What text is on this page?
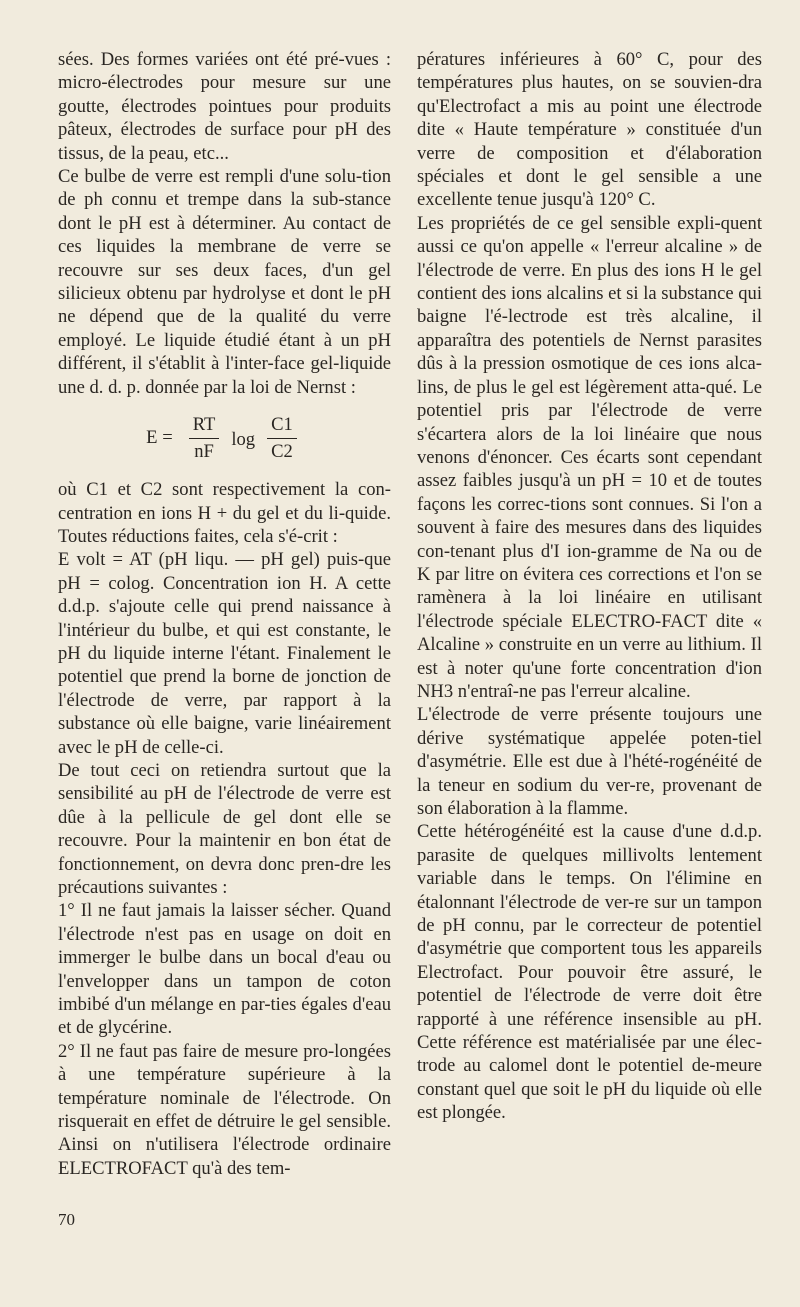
sées. Des formes variées ont été pré-vues : micro-électrodes pour mesure sur une goutte, électrodes pointues pour produits pâteux, électrodes de surface pour pH des tissus, de la peau, etc...

Ce bulbe de verre est rempli d'une solu-tion de ph connu et trempe dans la sub-stance dont le pH est à déterminer. Au contact de ces liquides la membrane de verre se recouvre sur ses deux faces, d'un gel silicieux obtenu par hydrolyse et dont le pH ne dépend que de la qualité du verre employé. Le liquide étudié étant à un pH différent, il s'établit à l'inter-face gel-liquide une d. d. p. donnée par la loi de Nernst :

$E = \frac{RT}{nF}$ $\log \frac{C1}{C2}$

où C1 et C2 sont respectivement la con-centration en ions H + du gel et du li-quide. Toutes réductions faites, cela s'é-crit :

E volt = AT (pH liqu. — pH gel) puis-que pH = colog. Concentration ion H. A cette d.d.p. s'ajoute celle qui prend naissance à l'intérieur du bulbe, et qui est constante, le pH du liquide interne l'étant. Finalement le potentiel que prend la borne de jonction de l'électrode de verre, par rapport à la substance où elle baigne, varie linéairement avec le pH de celle-ci.

De tout ceci on retiendra surtout que la sensibilité au pH de l'électrode de verre est dûe à la pellicule de gel dont elle se recouvre. Pour la maintenir en bon état de fonctionnement, on devra donc pren-dre les précautions suivantes :

1° Il ne faut jamais la laisser sécher. Quand l'électrode n'est pas en usage on doit en immerger le bulbe dans un bocal d'eau ou l'envelopper dans un tampon de coton imbibé d'un mélange en par-ties égales d'eau et de glycérine.

2° Il ne faut pas faire de mesure pro-longées à une température supérieure à la température nominale de l'électrode. On risquerait en effet de détruire le gel sensible. Ainsi on n'utilisera l'électrode ordinaire ELECTROFACT qu'à des tem-

pératures inférieures à 60° C, pour des températures plus hautes, on se souvien-dra qu'Electrofact a mis au point une électrode dite « Haute température » constituée d'un verre de composition et d'élaboration spéciales et dont le gel sensible a une excellente tenue jusqu'à 120° C.

Les propriétés de ce gel sensible expli-quent aussi ce qu'on appelle « l'erreur alcaline » de l'électrode de verre. En plus des ions H le gel contient des ions alcalins et si la substance qui baigne l'é-lectrode est très alcaline, il apparaîtra des potentiels de Nernst parasites dûs à la pression osmotique de ces ions alca-lins, de plus le gel est légèrement atta-qué. Le potentiel pris par l'électrode de verre s'écartera alors de la loi linéaire que nous venons d'énoncer. Ces écarts sont cependant assez faibles jusqu'à un pH = 10 et de toutes façons les correc-tions sont connues. Si l'on a souvent à faire des mesures dans des liquides con-tenant plus d'I ion-gramme de Na ou de K par litre on évitera ces corrections et l'on se ramènera à la loi linéaire en utilisant l'électrode spéciale ELECTRO-FACT dite « Alcaline » construite en un verre au lithium. Il est à noter qu'une forte concentration d'ion NH3 n'entraî-ne pas l'erreur alcaline.

L'électrode de verre présente toujours une dérive systématique appelée poten-tiel d'asymétrie. Elle est due à l'hété-rogénéité de la teneur en sodium du ver-re, provenant de son élaboration à la flamme.

Cette hétérogénéité est la cause d'une d.d.p. parasite de quelques millivolts lentement variable dans le temps. On l'élimine en étalonnant l'électrode de ver-re sur un tampon de pH connu, par le correcteur de potentiel d'asymétrie que comportent tous les appareils Electrofact. Pour pouvoir être assuré, le potentiel de l'électrode de verre doit être rapporté à une référence insensible au pH. Cette référence est matérialisée par une élec-trode au calomel dont le potentiel de-meure constant quel que soit le pH du liquide où elle est plongée.

70
